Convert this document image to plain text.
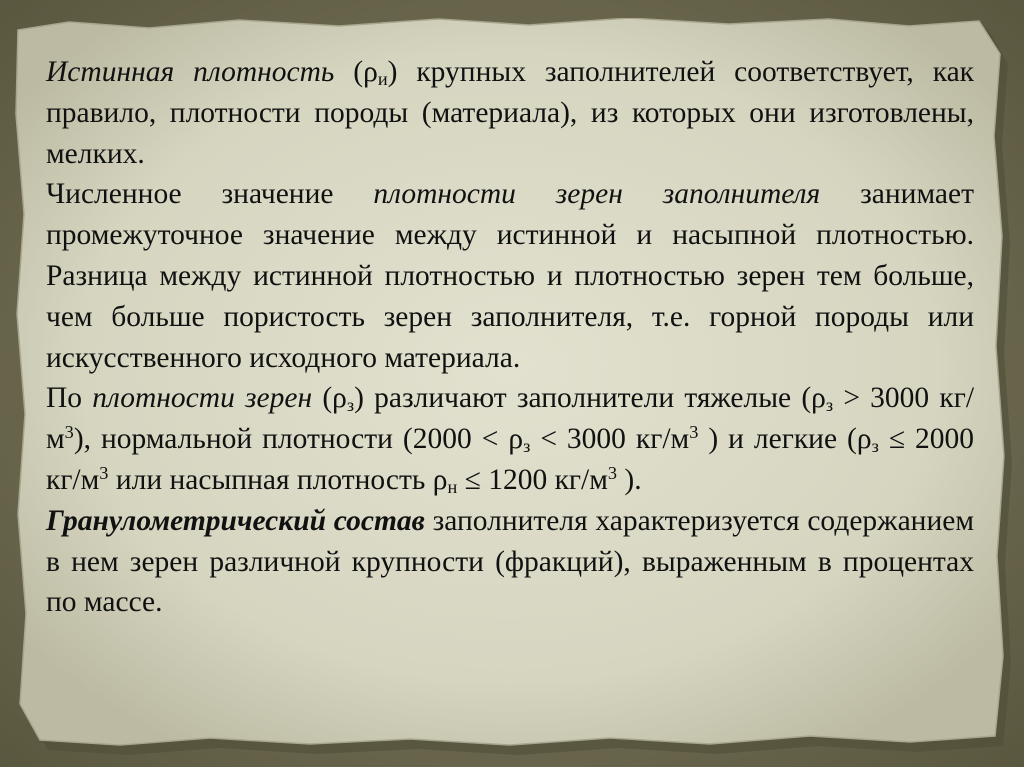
Истинная плотность $(\rho_и)$ крупных заполнителей соответствует, как правило, плотности породы (материала), из которых они изготовлены, мелких.

Численное значение плотности зерен заполнителя занимает промежуточное значение между истинной и насыпной плотностью. Разница между истинной плотностью и плотностью зерен тем больше, чем больше пористость зерен заполнителя, т.е. горной породы или искусственного исходного материала.

По плотности зерен $(\rho_з)$ различают заполнители тяжелые ($\rho_з > 3000$ $кг/м^3$), нормальной плотности ($2000 < \rho_з < 3000$ $кг/м^3$ ) и легкие ($\rho_з \le 2000$ $кг/м^3$ или насыпная плотность $\rho_н \le 1200$ $кг/м^3$ ).

Гранулометрический состав заполнителя характеризуется содержанием в нем зерен различной крупности (фракций), выраженным в процентах по массе.
